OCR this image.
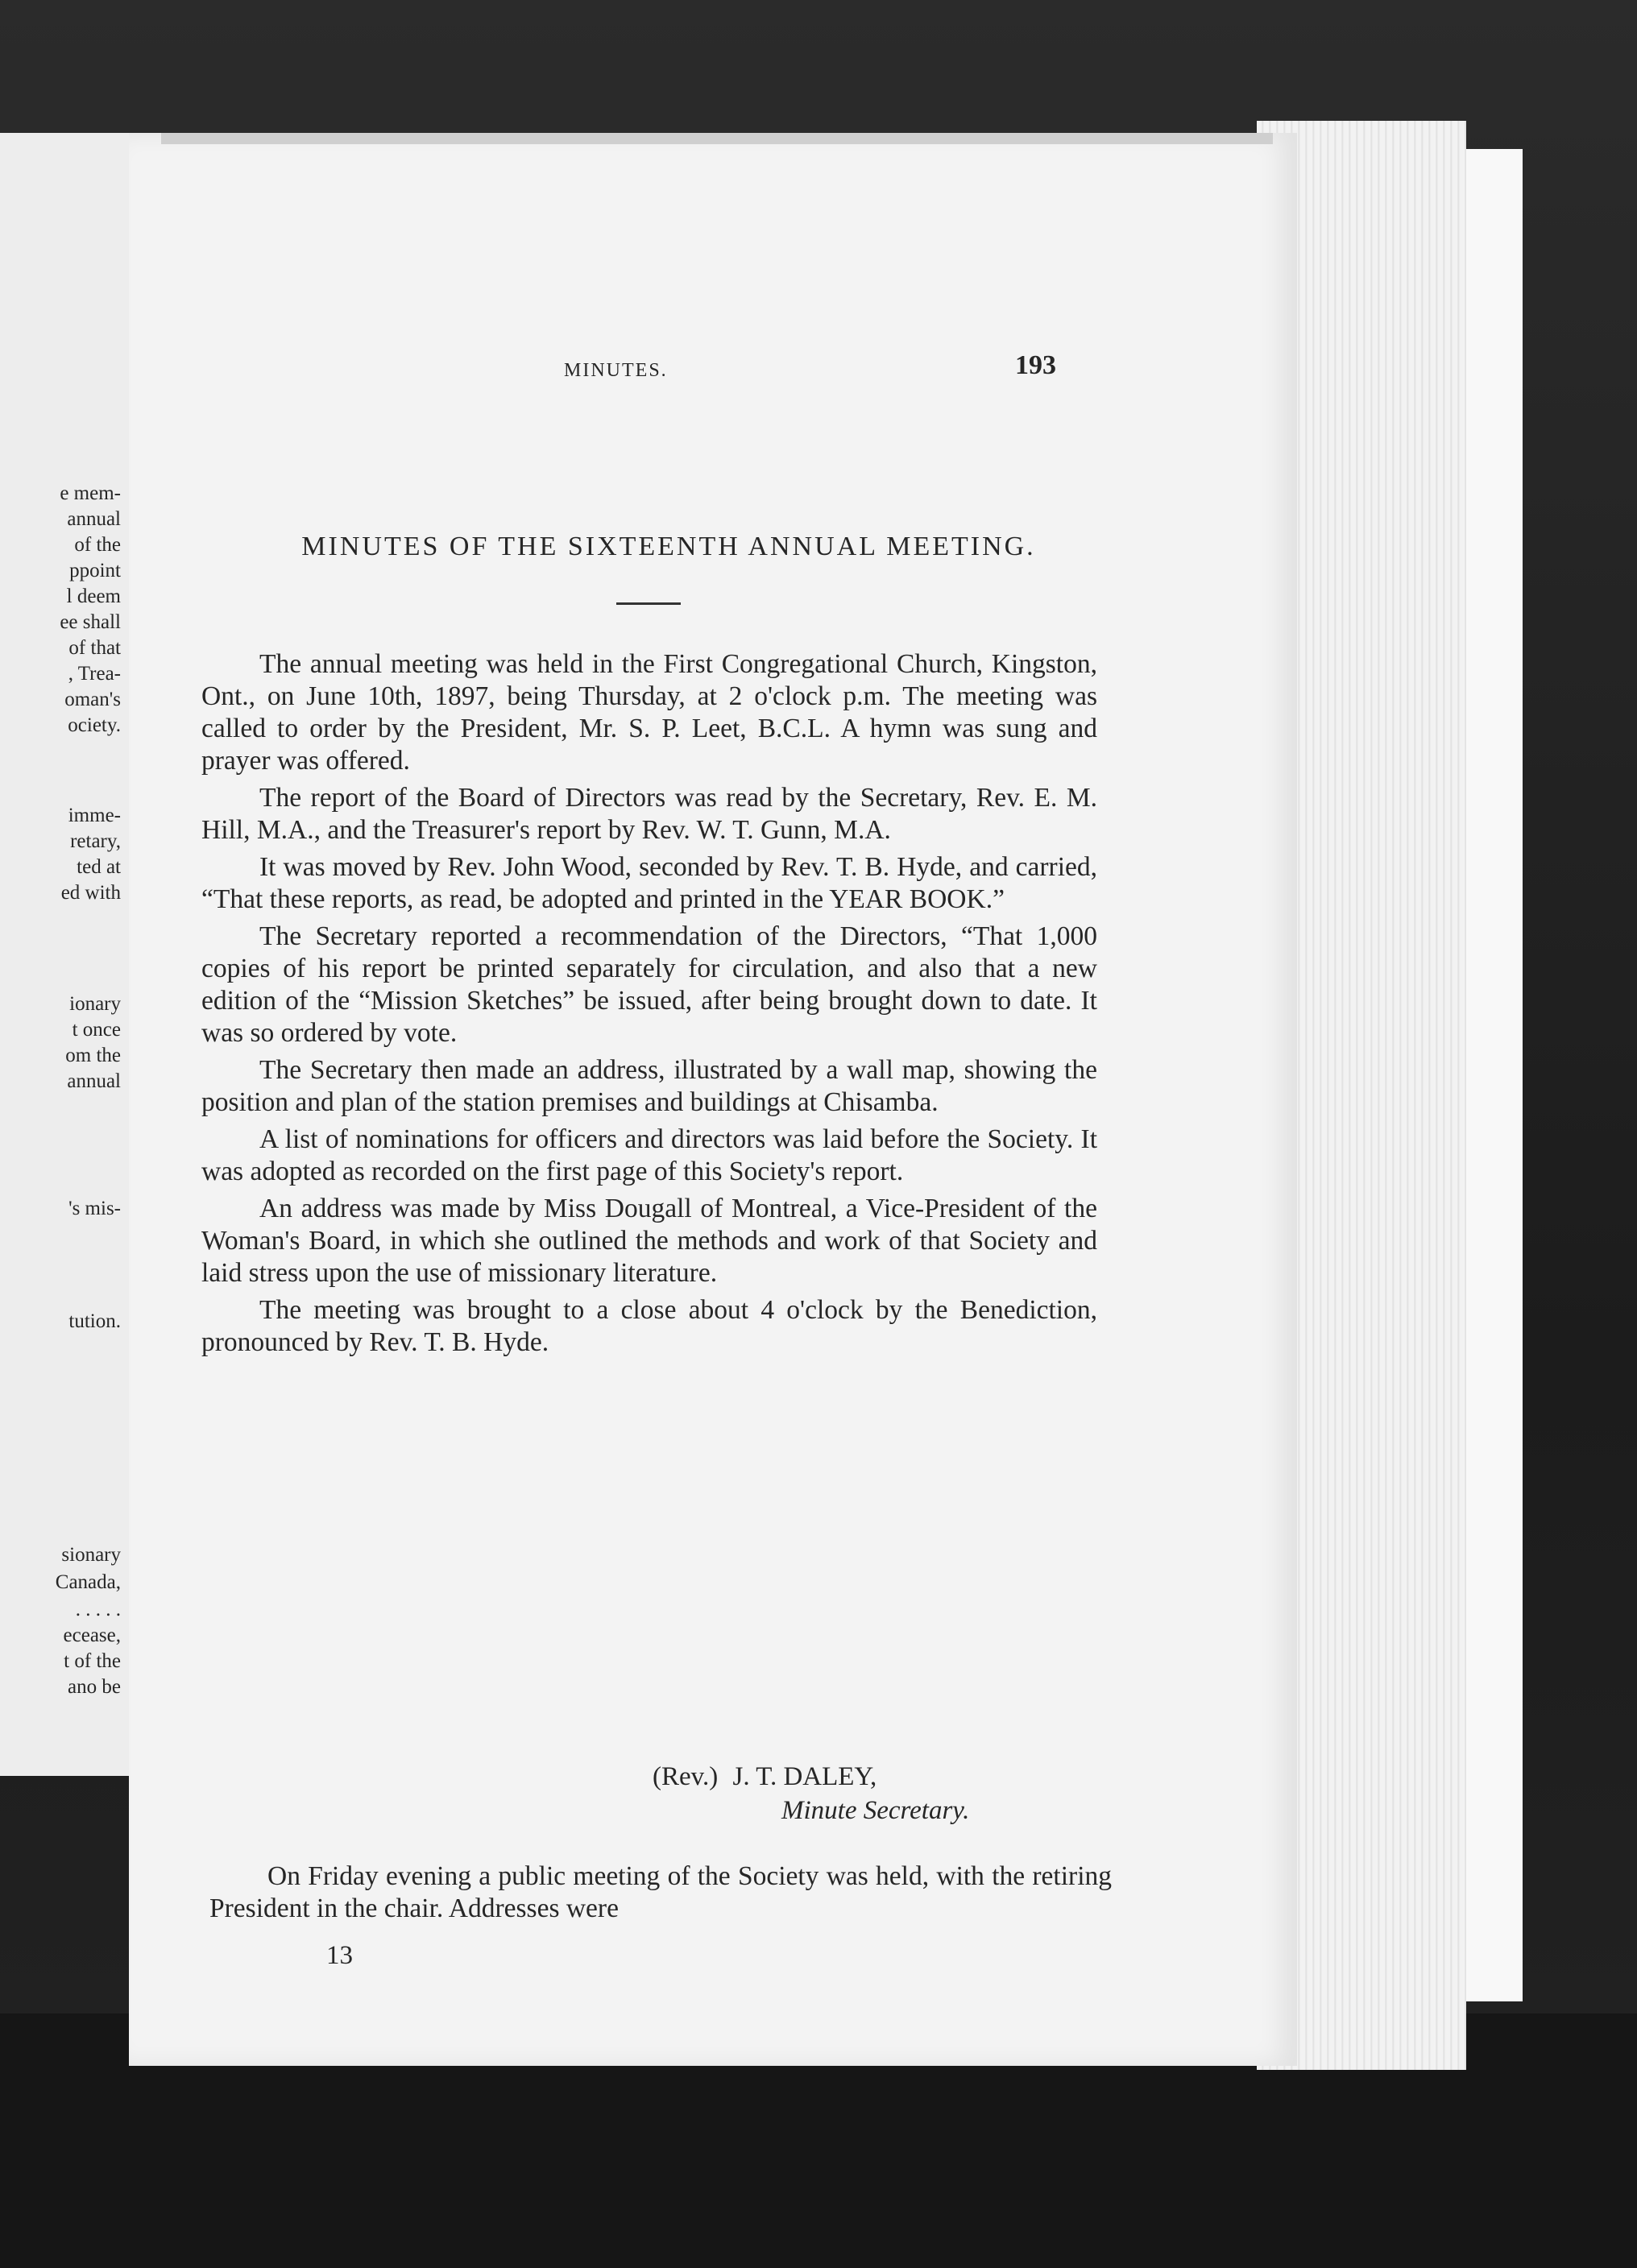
e mem-
annual
of the
ppoint
l deem
ee shall
of that
, Trea-
oman's
ociety.
imme-
retary,
ted at
ed with
ionary
t once
om the
annual
's mis-
tution.
sionary
Canada,
. . . . .
ecease,
t of the
ano be
MINUTES.	193
MINUTES OF THE SIXTEENTH ANNUAL MEETING.

The annual meeting was held in the First Congregational Church, Kingston, Ont., on June 10th, 1897, being Thursday, at 2 o'clock p.m. The meeting was called to order by the President, Mr. S. P. Leet, B.C.L. A hymn was sung and prayer was offered.

The report of the Board of Directors was read by the Secretary, Rev. E. M. Hill, M.A., and the Treasurer's report by Rev. W. T. Gunn, M.A.

It was moved by Rev. John Wood, seconded by Rev. T. B. Hyde, and carried, “That these reports, as read, be adopted and printed in the YEAR BOOK.”

The Secretary reported a recommendation of the Directors, “That 1,000 copies of his report be printed separately for circulation, and also that a new edition of the “Mission Sketches” be issued, after being brought down to date. It was so ordered by vote.

The Secretary then made an address, illustrated by a wall map, showing the position and plan of the station premises and buildings at Chisamba.

A list of nominations for officers and directors was laid before the Society. It was adopted as recorded on the first page of this Society's report.

An address was made by Miss Dougall of Montreal, a Vice-President of the Woman's Board, in which she outlined the methods and work of that Society and laid stress upon the use of missionary literature.

The meeting was brought to a close about 4 o'clock by the Benediction, pronounced by Rev. T. B. Hyde.

(Rev.) J. T. DALEY,
Minute Secretary.

On Friday evening a public meeting of the Society was held, with the retiring President in the chair. Addresses were

13
